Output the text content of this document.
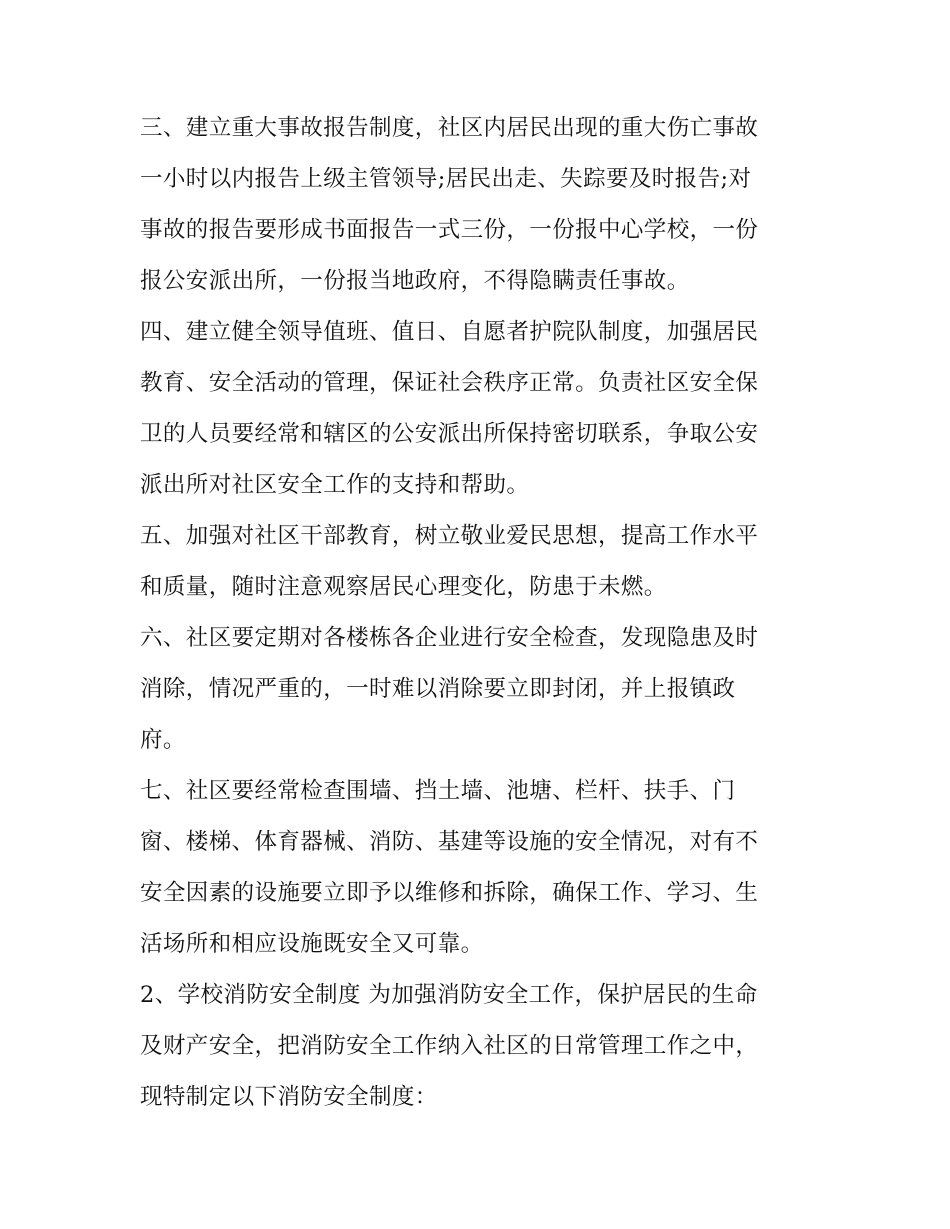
三、建立重大事故报告制度，社区内居民出现的重大伤亡事故
一小时以内报告上级主管领导;居民出走、失踪要及时报告;对
事故的报告要形成书面报告一式三份，一份报中心学校，一份
报公安派出所，一份报当地政府，不得隐瞒责任事故。
四、建立健全领导值班、值日、自愿者护院队制度，加强居民
教育、安全活动的管理，保证社会秩序正常。负责社区安全保
卫的人员要经常和辖区的公安派出所保持密切联系，争取公安
派出所对社区安全工作的支持和帮助。
五、加强对社区干部教育，树立敬业爱民思想，提高工作水平
和质量，随时注意观察居民心理变化，防患于未燃。
六、社区要定期对各楼栋各企业进行安全检查，发现隐患及时
消除，情况严重的，一时难以消除要立即封闭，并上报镇政
府。
七、社区要经常检查围墙、挡土墙、池塘、栏杆、扶手、门
窗、楼梯、体育器械、消防、基建等设施的安全情况，对有不
安全因素的设施要立即予以维修和拆除，确保工作、学习、生
活场所和相应设施既安全又可靠。
2、学校消防安全制度 为加强消防安全工作，保护居民的生命
及财产安全，把消防安全工作纳入社区的日常管理工作之中，
现特制定以下消防安全制度：
